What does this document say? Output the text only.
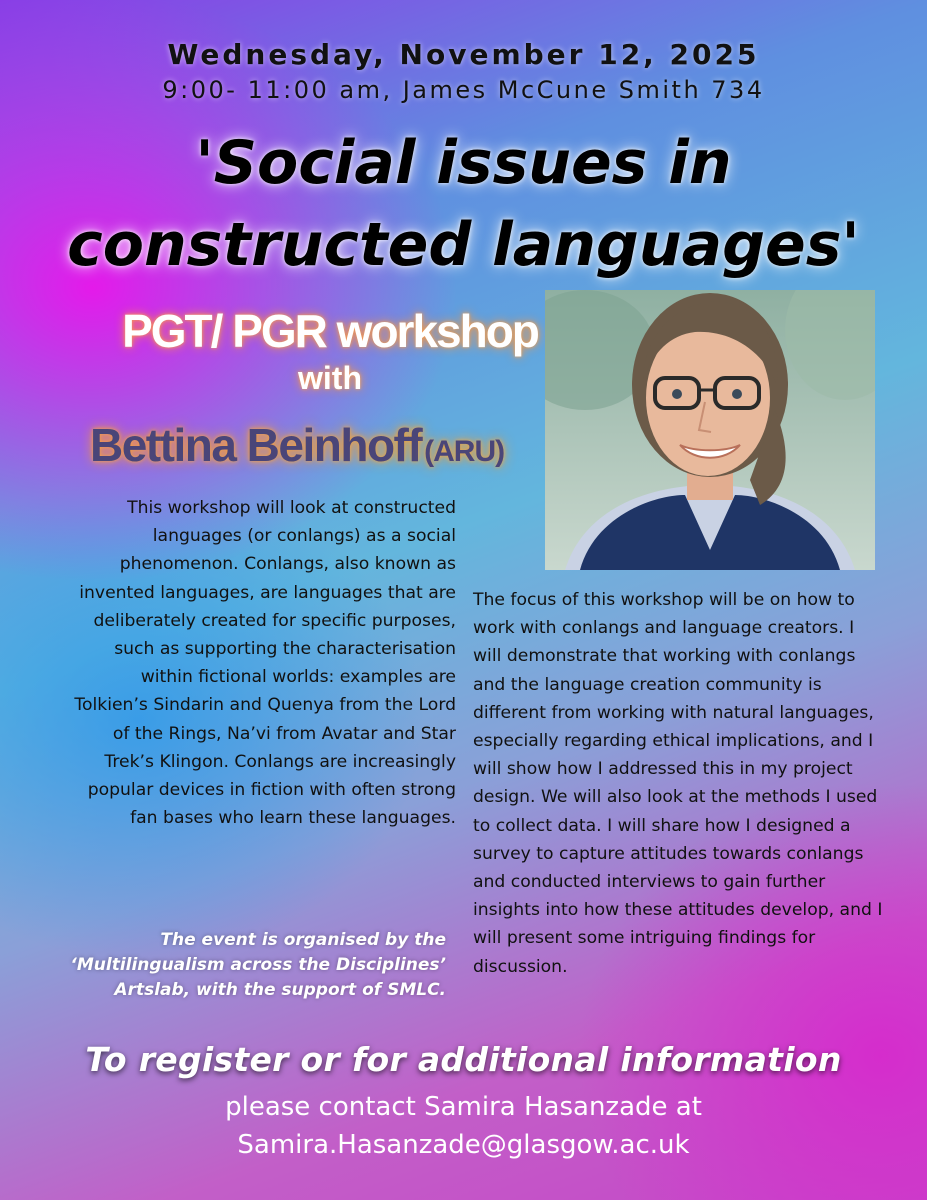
Wednesday, November 12, 2025
9:00- 11:00 am, James McCune Smith 734
'Social issues in
constructed languages'
PGT/ PGR workshop
with
Bettina Beinhoff (ARU)
This workshop will look at constructed languages (or conlangs) as a social phenomenon. Conlangs, also known as invented languages, are languages that are deliberately created for specific purposes, such as supporting the characterisation within fictional worlds: examples are Tolkien’s Sindarin and Quenya from the Lord of the Rings, Na’vi from Avatar and Star Trek’s Klingon. Conlangs are increasingly popular devices in fiction with often strong fan bases who learn these languages.
The focus of this workshop will be on how to work with conlangs and language creators. I will demonstrate that working with conlangs and the language creation community is different from working with natural languages, especially regarding ethical implications, and I will show how I addressed this in my project design. We will also look at the methods I used to collect data. I will share how I designed a survey to capture attitudes towards conlangs and conducted interviews to gain further insights into how these attitudes develop, and I will present some intriguing findings for discussion.
The event is organised by the
‘Multilingualism across the Disciplines’
Artslab, with the support of SMLC.
To register or for additional information
please contact Samira Hasanzade at
Samira.Hasanzade@glasgow.ac.uk
